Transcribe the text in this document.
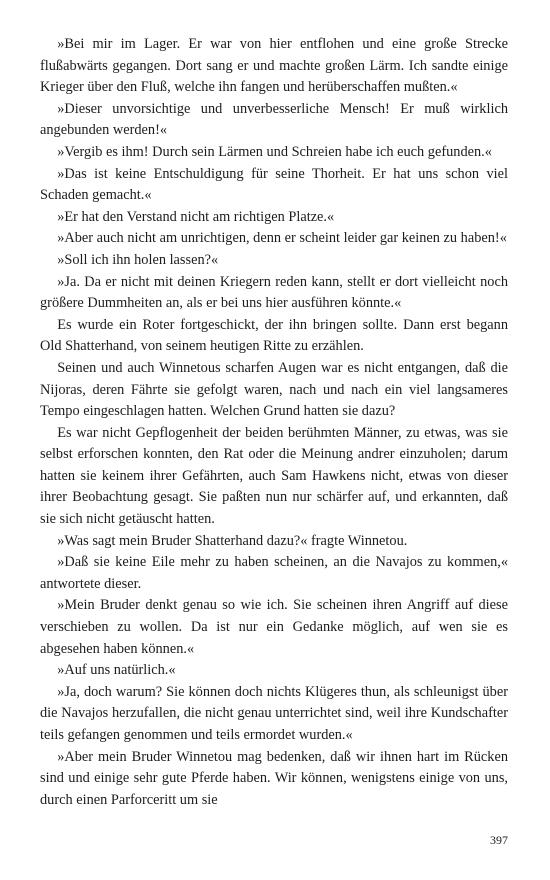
»Bei mir im Lager. Er war von hier entflohen und eine große Strecke flußabwärts gegangen. Dort sang er und machte großen Lärm. Ich sandte einige Krieger über den Fluß, welche ihn fangen und herüberschaffen mußten.«

»Dieser unvorsichtige und unverbesserliche Mensch! Er muß wirklich angebunden werden!«

»Vergib es ihm! Durch sein Lärmen und Schreien habe ich euch gefunden.«

»Das ist keine Entschuldigung für seine Thorheit. Er hat uns schon viel Schaden gemacht.«

»Er hat den Verstand nicht am richtigen Platze.«

»Aber auch nicht am unrichtigen, denn er scheint leider gar keinen zu haben!«

»Soll ich ihn holen lassen?«

»Ja. Da er nicht mit deinen Kriegern reden kann, stellt er dort vielleicht noch größere Dummheiten an, als er bei uns hier ausführen könnte.«

Es wurde ein Roter fortgeschickt, der ihn bringen sollte. Dann erst begann Old Shatterhand, von seinem heutigen Ritte zu erzählen.

Seinen und auch Winnetous scharfen Augen war es nicht entgangen, daß die Nijoras, deren Fährte sie gefolgt waren, nach und nach ein viel langsameres Tempo eingeschlagen hatten. Welchen Grund hatten sie dazu?

Es war nicht Gepflogenheit der beiden berühmten Männer, zu etwas, was sie selbst erforschen konnten, den Rat oder die Meinung andrer einzuholen; darum hatten sie keinem ihrer Gefährten, auch Sam Hawkens nicht, etwas von dieser ihrer Beobachtung gesagt. Sie paßten nun nur schärfer auf, und erkannten, daß sie sich nicht getäuscht hatten.

»Was sagt mein Bruder Shatterhand dazu?« fragte Winnetou.

»Daß sie keine Eile mehr zu haben scheinen, an die Navajos zu kommen,« antwortete dieser.

»Mein Bruder denkt genau so wie ich. Sie scheinen ihren Angriff auf diese verschieben zu wollen. Da ist nur ein Gedanke möglich, auf wen sie es abgesehen haben können.«

»Auf uns natürlich.«

»Ja, doch warum? Sie können doch nichts Klügeres thun, als schleunigst über die Navajos herzufallen, die nicht genau unterrichtet sind, weil ihre Kundschafter teils gefangen genommen und teils ermordet wurden.«

»Aber mein Bruder Winnetou mag bedenken, daß wir ihnen hart im Rücken sind und einige sehr gute Pferde haben. Wir können, wenigstens einige von uns, durch einen Parforceritt um sie

397
